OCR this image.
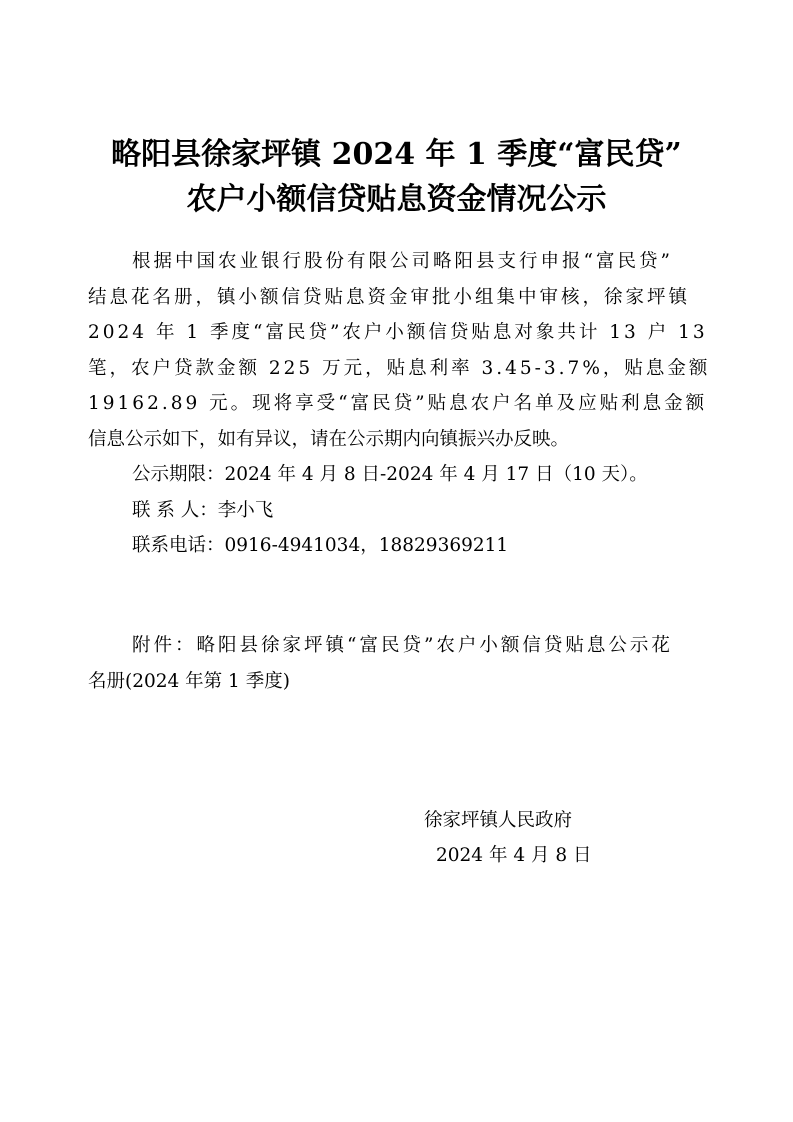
略阳县徐家坪镇 2024 年 1 季度“富民贷”
农户小额信贷贴息资金情况公示
根据中国农业银行股份有限公司略阳县支行申报“富民贷”
结息花名册，镇小额信贷贴息资金审批小组集中审核，徐家坪镇
2024 年 1 季度“富民贷”农户小额信贷贴息对象共计 13 户 13
笔，农户贷款金额 225 万元，贴息利率 3.45-3.7%，贴息金额
19162.89 元。现将享受“富民贷”贴息农户名单及应贴利息金额
信息公示如下，如有异议，请在公示期内向镇振兴办反映。
公示期限：2024 年 4 月 8 日-2024 年 4 月 17 日（10 天）。
联 系 人：李小飞
联系电话：0916-4941034，18829369211
附件：略阳县徐家坪镇“富民贷”农户小额信贷贴息公示花
名册(2024 年第 1 季度)
徐家坪镇人民政府
2024 年 4 月 8 日
